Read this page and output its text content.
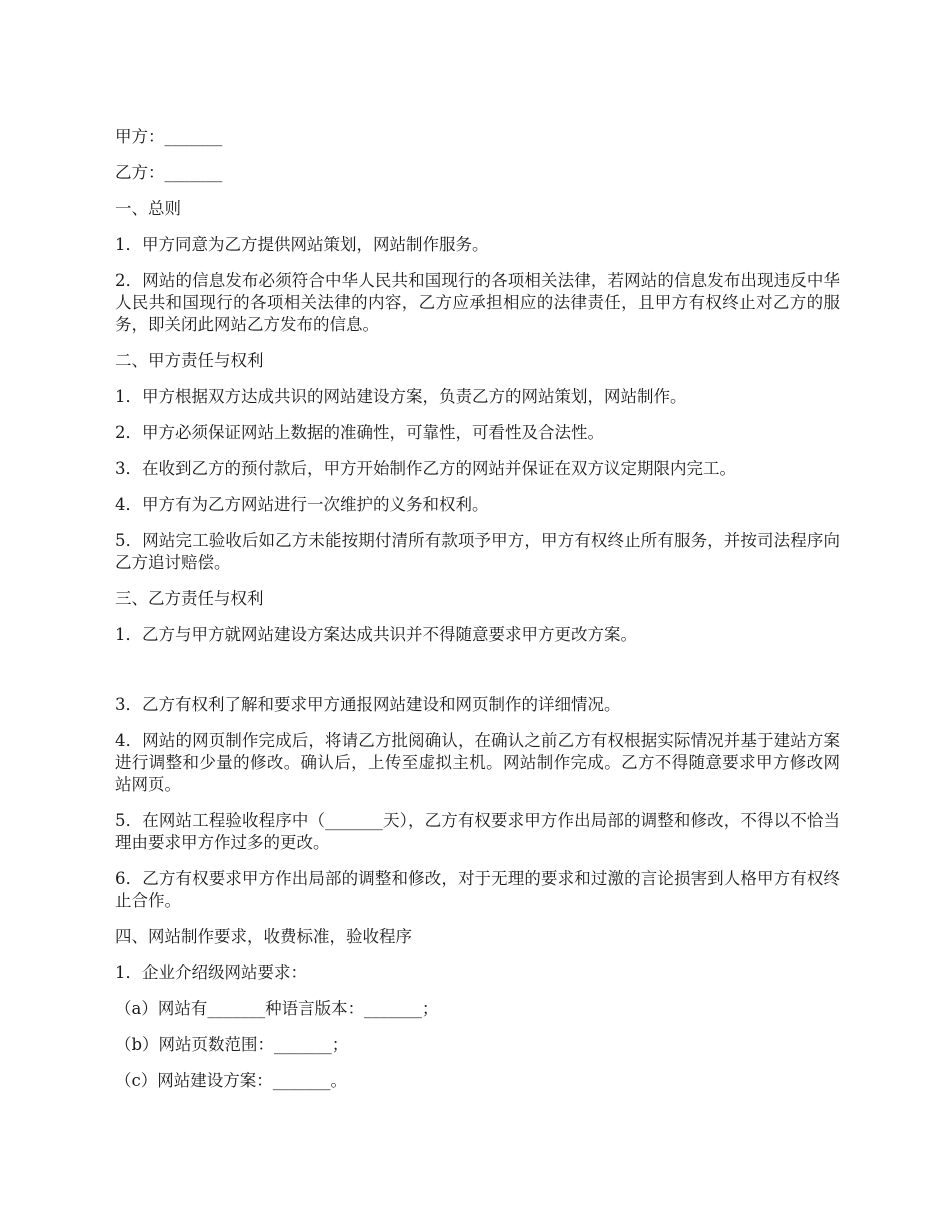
甲方：_______

乙方：_______

一、总则

1．甲方同意为乙方提供网站策划，网站制作服务。

2．网站的信息发布必须符合中华人民共和国现行的各项相关法律，若网站的信息发布出现违反中华人民共和国现行的各项相关法律的内容，乙方应承担相应的法律责任，且甲方有权终止对乙方的服务，即关闭此网站乙方发布的信息。

二、甲方责任与权利

1．甲方根据双方达成共识的网站建设方案，负责乙方的网站策划，网站制作。

2．甲方必须保证网站上数据的准确性，可靠性，可看性及合法性。

3．在收到乙方的预付款后，甲方开始制作乙方的网站并保证在双方议定期限内完工。

4．甲方有为乙方网站进行一次维护的义务和权利。

5．网站完工验收后如乙方未能按期付清所有款项予甲方，甲方有权终止所有服务，并按司法程序向乙方追讨赔偿。

三、乙方责任与权利

1．乙方与甲方就网站建设方案达成共识并不得随意要求甲方更改方案。

3．乙方有权利了解和要求甲方通报网站建设和网页制作的详细情况。

4．网站的网页制作完成后，将请乙方批阅确认，在确认之前乙方有权根据实际情况并基于建站方案进行调整和少量的修改。确认后，上传至虚拟主机。网站制作完成。乙方不得随意要求甲方修改网站网页。

5．在网站工程验收程序中（_______天），乙方有权要求甲方作出局部的调整和修改，不得以不恰当理由要求甲方作过多的更改。

6．乙方有权要求甲方作出局部的调整和修改，对于无理的要求和过激的言论损害到人格甲方有权终止合作。

四、网站制作要求，收费标准，验收程序

1．企业介绍级网站要求：

（a）网站有_______种语言版本：_______；

（b）网站页数范围：_______；

（c）网站建设方案：_______。
